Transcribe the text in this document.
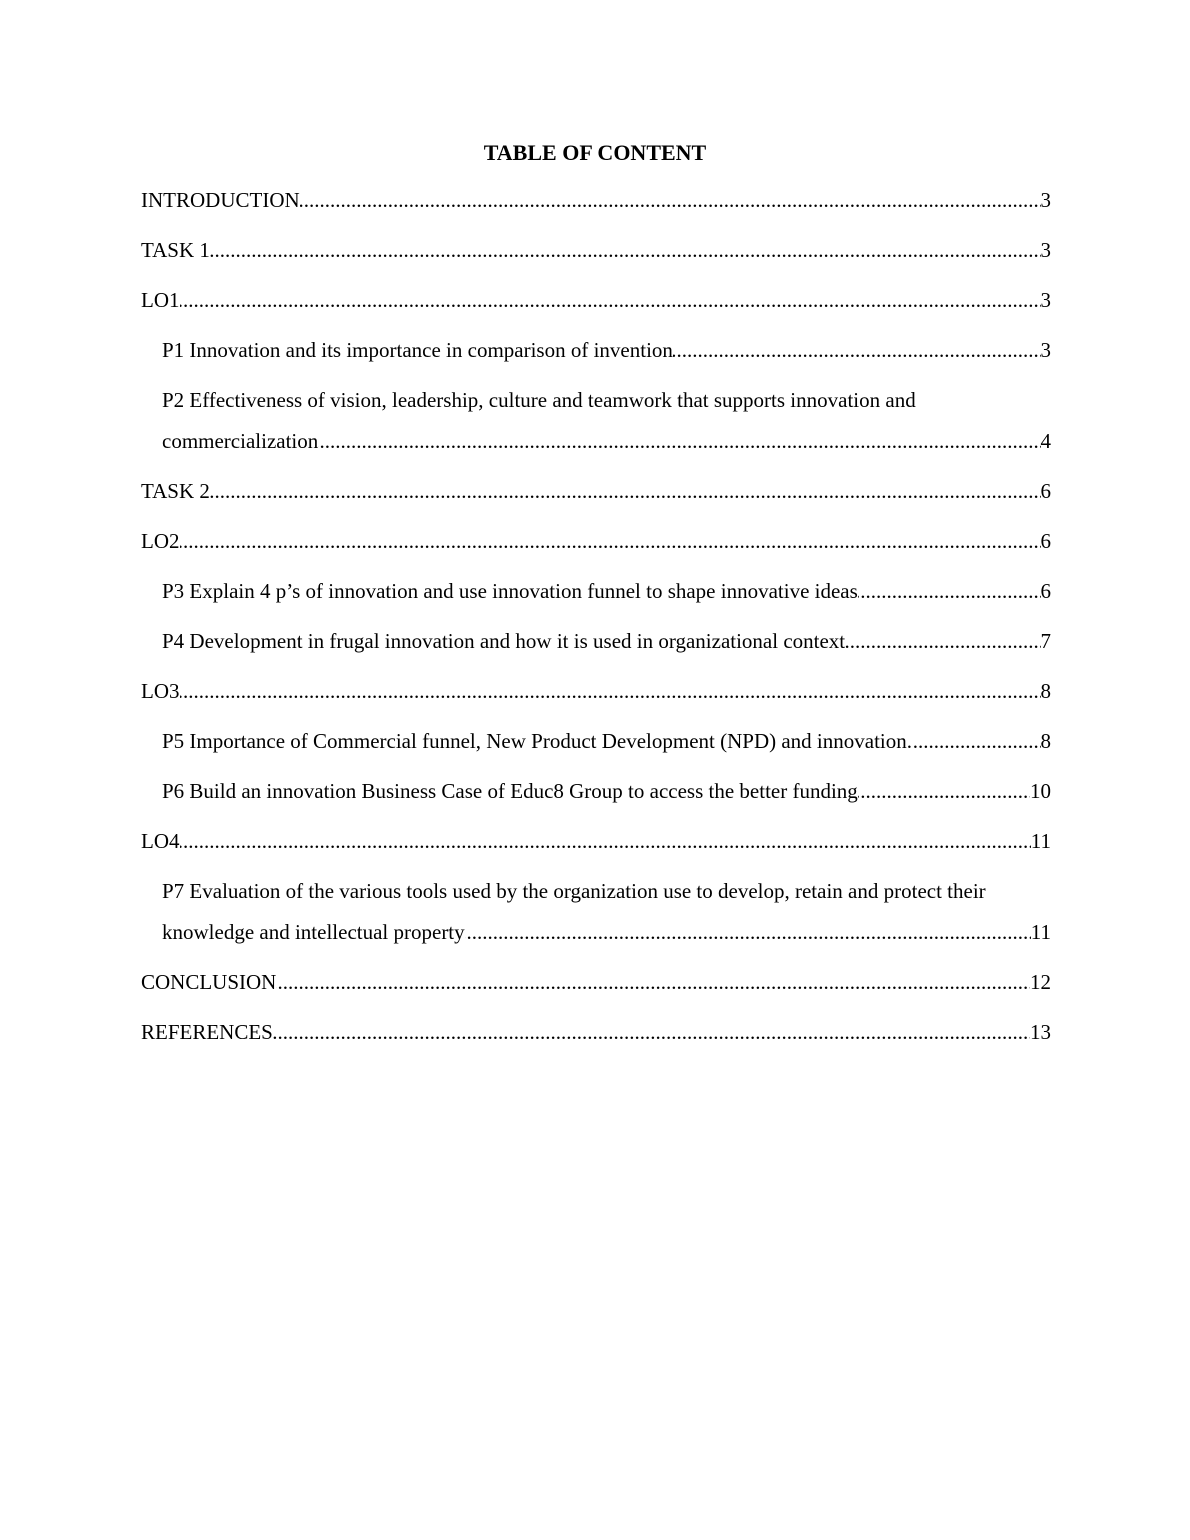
TABLE OF CONTENT
INTRODUCTION .....	3
TASK 1 .....	3
LO1 .....	3
P1 Innovation and its importance in comparison of invention .....	3
P2 Effectiveness of vision, leadership, culture and teamwork that supports innovation and commercialization .....	4
TASK 2 .....	6
LO2 .....	6
P3 Explain 4 p’s of innovation and use innovation funnel to shape innovative ideas .....	6
P4 Development in frugal innovation and how it is used in organizational context .....	7
LO3 .....	8
P5 Importance of Commercial funnel, New Product Development (NPD) and innovation. .....	8
P6 Build an innovation Business Case of Educ8 Group to access the better funding .....	10
LO4 .....	11
P7 Evaluation of the various tools used by the organization use to develop, retain and protect their knowledge and intellectual property .....	11
CONCLUSION .....	12
REFERENCES .....	13
